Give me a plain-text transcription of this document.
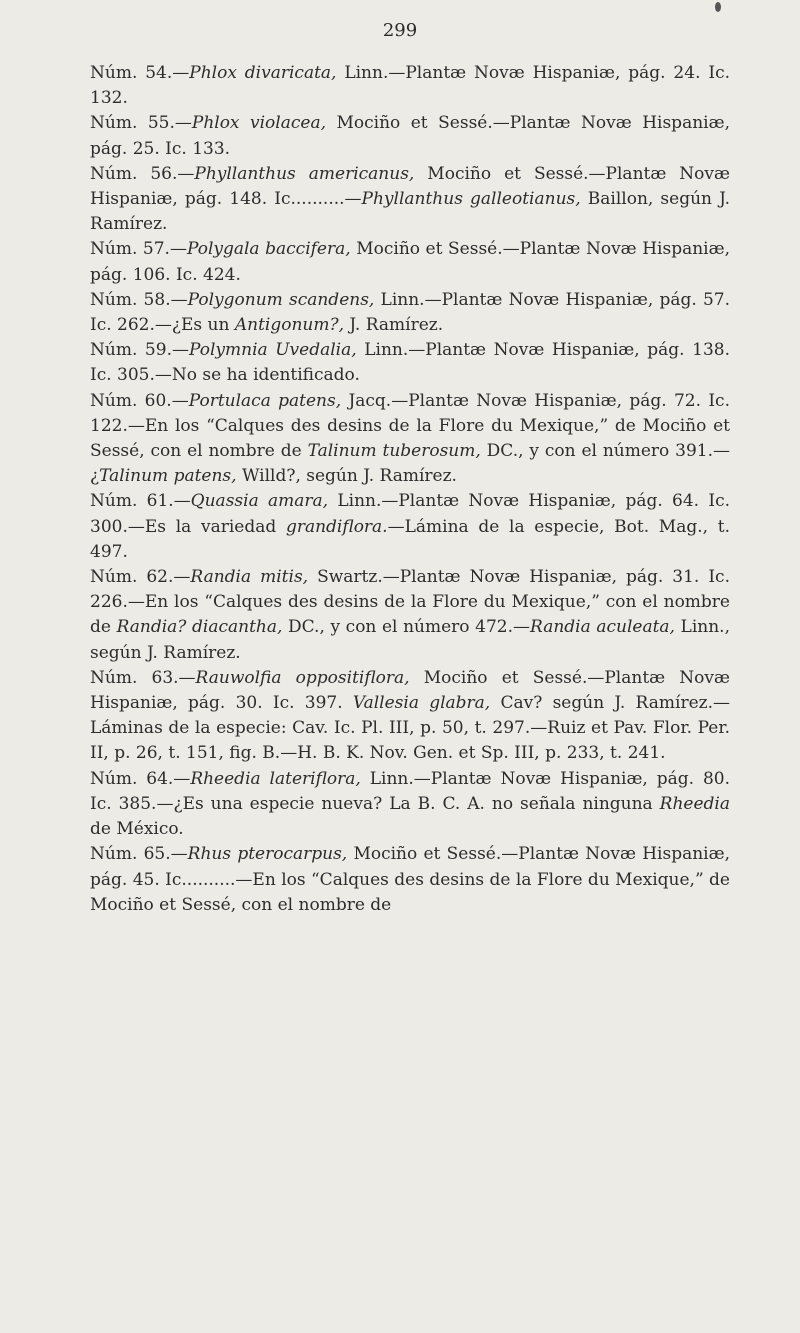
299

Núm. 54.—Phlox divaricata, Linn.—Plantæ Novæ Hispaniæ, pág. 24. Ic. 132.

Núm. 55.—Phlox violacea, Mociño et Sessé.—Plantæ Novæ Hispaniæ, pág. 25. Ic. 133.

Núm. 56.—Phyllanthus americanus, Mociño et Sessé.—Plantæ Novæ Hispaniæ, pág. 148. Ic..........—Phyllanthus galleotianus, Baillon, según J. Ramírez.

Núm. 57.—Polygala baccifera, Mociño et Sessé.—Plantæ Novæ Hispaniæ, pág. 106. Ic. 424.

Núm. 58.—Polygonum scandens, Linn.—Plantæ Novæ Hispaniæ, pág. 57. Ic. 262.—¿Es un Antigonum?, J. Ramírez.

Núm. 59.—Polymnia Uvedalia, Linn.—Plantæ Novæ Hispaniæ, pág. 138. Ic. 305.—No se ha identificado.

Núm. 60.—Portulaca patens, Jacq.—Plantæ Novæ Hispaniæ, pág. 72. Ic. 122.—En los “Calques des desins de la Flore du Mexique,” de Mociño et Sessé, con el nombre de Talinum tuberosum, DC., y con el número 391.—¿Talinum patens, Willd?, según J. Ramírez.

Núm. 61.—Quassia amara, Linn.—Plantæ Novæ Hispaniæ, pág. 64. Ic. 300.—Es la variedad grandiflora.—Lámina de la especie, Bot. Mag., t. 497.

Núm. 62.—Randia mitis, Swartz.—Plantæ Novæ Hispaniæ, pág. 31. Ic. 226.—En los “Calques des desins de la Flore du Mexique,” con el nombre de Randia? diacantha, DC., y con el número 472.—Randia aculeata, Linn., según J. Ramírez.

Núm. 63.—Rauwolfia oppositiflora, Mociño et Sessé.—Plantæ Novæ Hispaniæ, pág. 30. Ic. 397. Vallesia glabra, Cav? según J. Ramírez.—Láminas de la especie: Cav. Ic. Pl. III, p. 50, t. 297.—Ruiz et Pav. Flor. Per. II, p. 26, t. 151, fig. B.—H. B. K. Nov. Gen. et Sp. III, p. 233, t. 241.

Núm. 64.—Rheedia lateriflora, Linn.—Plantæ Novæ Hispaniæ, pág. 80. Ic. 385.—¿Es una especie nueva? La B. C. A. no señala ninguna Rheedia de México.

Núm. 65.—Rhus pterocarpus, Mociño et Sessé.—Plantæ Novæ Hispaniæ, pág. 45. Ic..........—En los “Calques des desins de la Flore du Mexique,” de Mociño et Sessé, con el nombre de
